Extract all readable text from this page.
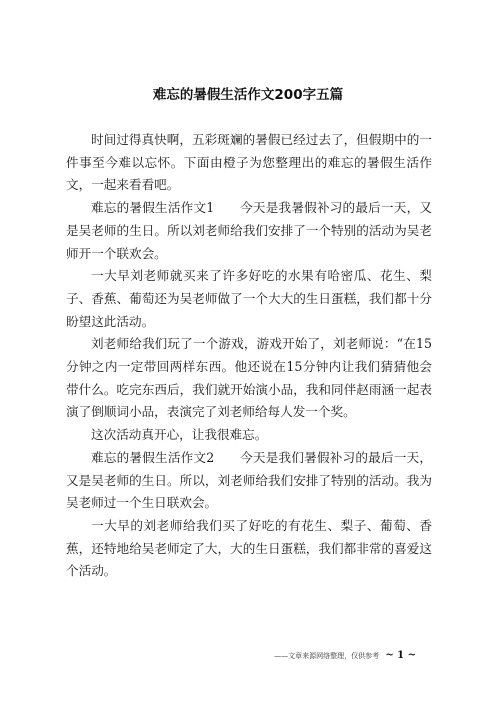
难忘的暑假生活作文200字五篇

时间过得真快啊，五彩斑斓的暑假已经过去了，但假期中的一件事至今难以忘怀。下面由橙子为您整理出的难忘的暑假生活作文，一起来看看吧。

难忘的暑假生活作文1　　今天是我暑假补习的最后一天，又是吴老师的生日。所以刘老师给我们安排了一个特别的活动为吴老师开一个联欢会。

一大早刘老师就买来了许多好吃的水果有哈密瓜、花生、梨子、香蕉、葡萄还为吴老师做了一个大大的生日蛋糕，我们都十分盼望这此活动。

刘老师给我们玩了一个游戏，游戏开始了，刘老师说：“在15分钟之内一定带回两样东西。他还说在15分钟内让我们猜猜他会带什么。吃完东西后，我们就开始演小品，我和同伴赵雨涵一起表演了倒顺词小品，表演完了刘老师给每人发一个奖。

这次活动真开心，让我很难忘。

难忘的暑假生活作文2　　今天是我们暑假补习的最后一天，又是吴老师的生日。所以，刘老师给我们安排了特别的活动。我为吴老师过一个生日联欢会。

一大早的刘老师给我们买了好吃的有花生、梨子、葡萄、香蕉，还特地给吴老师定了大，大的生日蛋糕，我们都非常的喜爱这个活动。

——文章来源网络整理，仅供参考 ~ 1 ~
